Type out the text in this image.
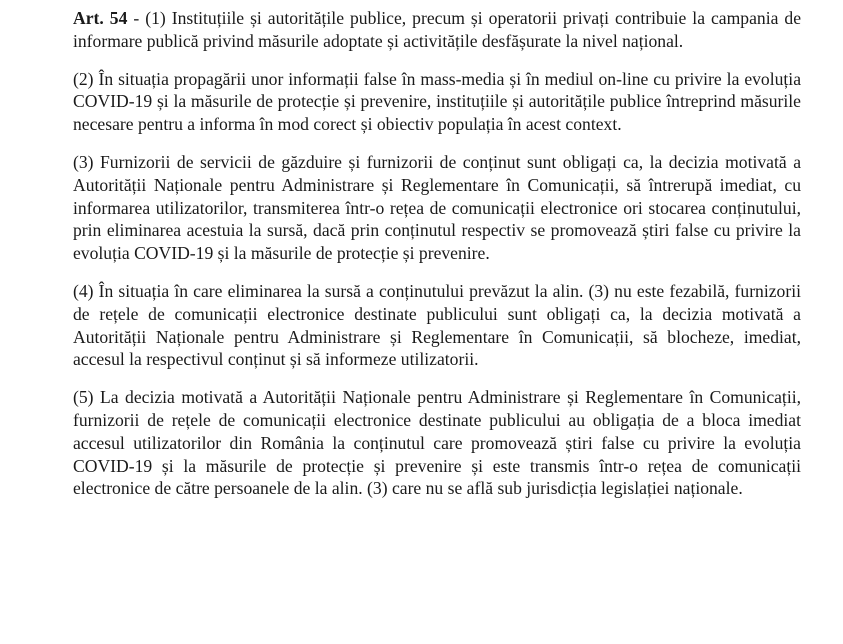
Art. 54 - (1) Instituțiile și autoritățile publice, precum și operatorii privați contribuie la campania de informare publică privind măsurile adoptate și activitățile desfășurate la nivel național.

(2) În situația propagării unor informații false în mass-media și în mediul on-line cu privire la evoluția COVID-19 și la măsurile de protecție și prevenire, instituțiile și autoritățile publice întreprind măsurile necesare pentru a informa în mod corect și obiectiv populația în acest context.

(3) Furnizorii de servicii de găzduire și furnizorii de conținut sunt obligați ca, la decizia motivată a Autorității Naționale pentru Administrare și Reglementare în Comunicații, să întrerupă imediat, cu informarea utilizatorilor, transmiterea într-o rețea de comunicații electronice ori stocarea conținutului, prin eliminarea acestuia la sursă, dacă prin conținutul respectiv se promovează știri false cu privire la evoluția COVID-19 și la măsurile de protecție și prevenire.

(4) În situația în care eliminarea la sursă a conținutului prevăzut la alin. (3) nu este fezabilă, furnizorii de rețele de comunicații electronice destinate publicului sunt obligați ca, la decizia motivată a Autorității Naționale pentru Administrare și Reglementare în Comunicații, să blocheze, imediat, accesul la respectivul conținut și să informeze utilizatorii.

(5) La decizia motivată a Autorității Naționale pentru Administrare și Reglementare în Comunicații, furnizorii de rețele de comunicații electronice destinate publicului au obligația de a bloca imediat accesul utilizatorilor din România la conținutul care promovează știri false cu privire la evoluția COVID-19 și la măsurile de protecție și prevenire și este transmis într-o rețea de comunicații electronice de către persoanele de la alin. (3) care nu se află sub jurisdicția legislației naționale.
